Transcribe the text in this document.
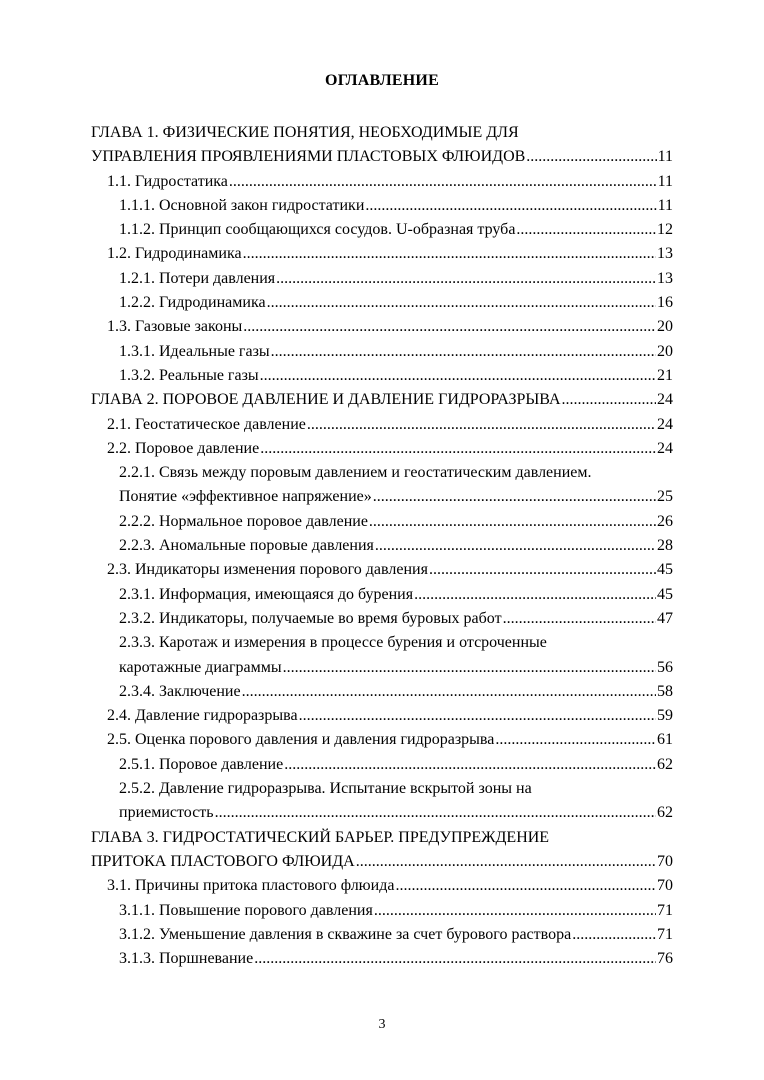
ОГЛАВЛЕНИЕ
ГЛАВА 1. ФИЗИЧЕСКИЕ ПОНЯТИЯ, НЕОБХОДИМЫЕ ДЛЯ
УПРАВЛЕНИЯ ПРОЯВЛЕНИЯМИ ПЛАСТОВЫХ ФЛЮИДОВ .....	11
1.1. Гидростатика .....	11
1.1.1. Основной закон гидростатики .....	11
1.1.2. Принцип сообщающихся сосудов. U-образная труба .....	12
1.2. Гидродинамика .....	13
1.2.1. Потери давления .....	13
1.2.2. Гидродинамика .....	16
1.3. Газовые законы .....	20
1.3.1. Идеальные газы .....	20
1.3.2. Реальные газы .....	21
ГЛАВА 2. ПОРОВОЕ ДАВЛЕНИЕ И ДАВЛЕНИЕ ГИДРОРАЗРЫВА .....	24
2.1. Геостатическое давление .....	24
2.2. Поровое давление .....	24
2.2.1. Связь между поровым давлением и геостатическим давлением.
Понятие «эффективное напряжение» .....	25
2.2.2. Нормальное поровое давление .....	26
2.2.3. Аномальные поровые давления .....	28
2.3. Индикаторы изменения порового давления .....	45
2.3.1. Информация, имеющаяся до бурения .....	45
2.3.2. Индикаторы, получаемые во время буровых работ .....	47
2.3.3. Каротаж и измерения в процессе бурения и отсроченные
каротажные диаграммы .....	56
2.3.4. Заключение .....	58
2.4. Давление гидроразрыва .....	59
2.5. Оценка порового давления и давления гидроразрыва .....	61
2.5.1. Поровое давление .....	62
2.5.2. Давление гидроразрыва. Испытание вскрытой зоны на
приемистость .....	62
ГЛАВА 3. ГИДРОСТАТИЧЕСКИЙ БАРЬЕР. ПРЕДУПРЕЖДЕНИЕ
ПРИТОКА ПЛАСТОВОГО ФЛЮИДА .....	70
3.1. Причины притока пластового флюида .....	70
3.1.1. Повышение порового давления .....	71
3.1.2. Уменьшение давления в скважине за счет бурового раствора .....	71
3.1.3. Поршневание .....	76
3
